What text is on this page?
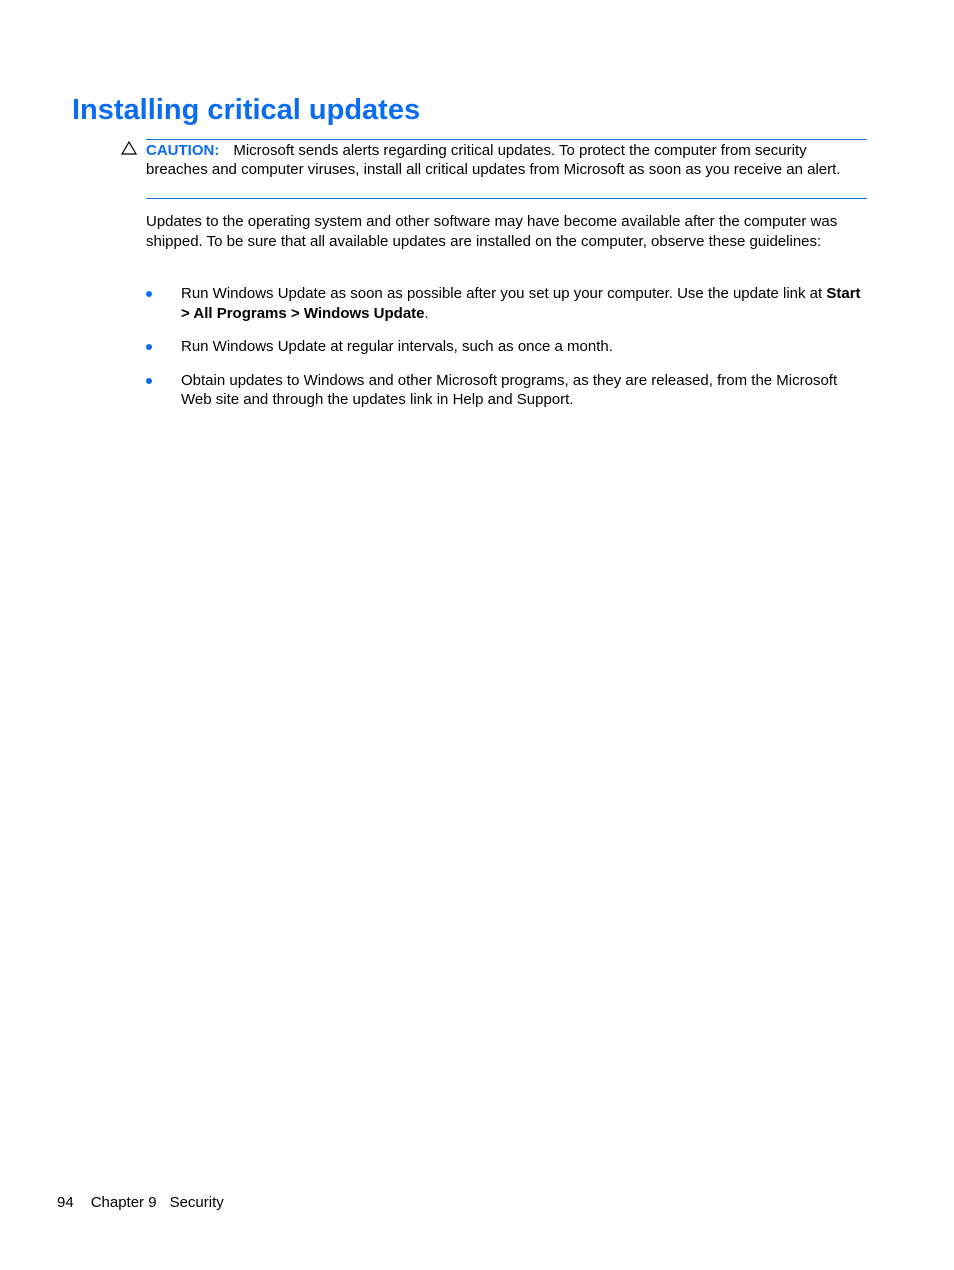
Installing critical updates
CAUTION: Microsoft sends alerts regarding critical updates. To protect the computer from security breaches and computer viruses, install all critical updates from Microsoft as soon as you receive an alert.

Updates to the operating system and other software may have become available after the computer was shipped. To be sure that all available updates are installed on the computer, observe these guidelines:

Run Windows Update as soon as possible after you set up your computer. Use the update link at Start > All Programs > Windows Update.
Run Windows Update at regular intervals, such as once a month.
Obtain updates to Windows and other Microsoft programs, as they are released, from the Microsoft Web site and through the updates link in Help and Support.
94 Chapter 9 Security
